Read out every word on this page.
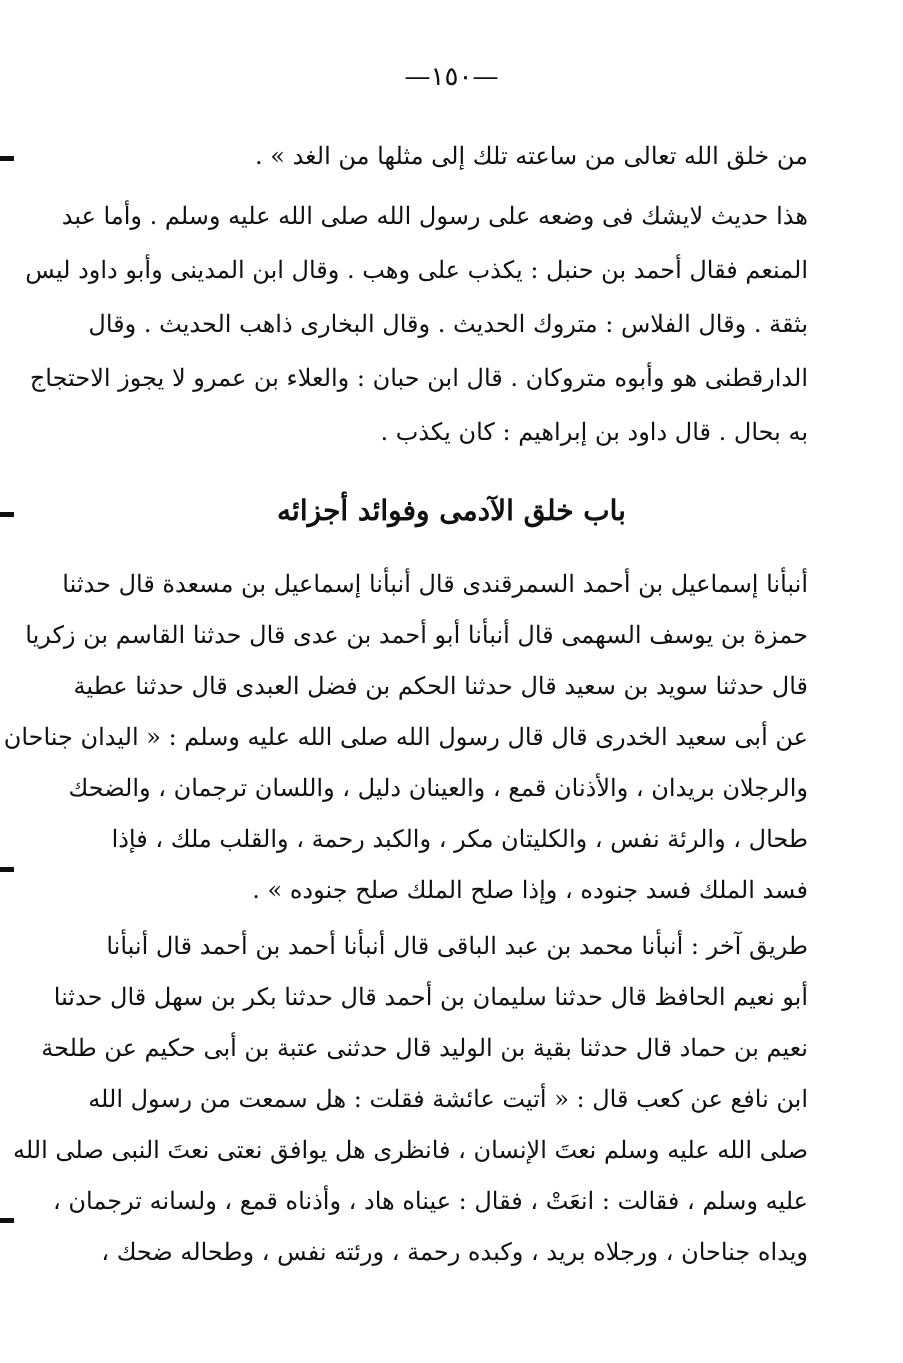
—١٥٠—
من خلق الله تعالى من ساعته تلك إلى مثلها من الغد » .
هذا حديث لايشك فى وضعه على رسول الله صلى الله عليه وسلم . وأما عبد
المنعم فقال أحمد بن حنبل : يكذب على وهب . وقال ابن المدينى وأبو داود ليس
بثقة . وقال الفلاس : متروك الحديث . وقال البخارى ذاهب الحديث . وقال
الدارقطنى هو وأبوه متروكان . قال ابن حبان : والعلاء بن عمرو لا يجوز الاحتجاج
به بحال . قال داود بن إبراهيم : كان يكذب .
باب خلق الآدمى وفوائد أجزائه
أنبأنا إسماعيل بن أحمد السمرقندى قال أنبأنا إسماعيل بن مسعدة قال حدثنا
حمزة بن يوسف السهمى قال أنبأنا أبو أحمد بن عدى قال حدثنا القاسم بن زكريا
قال حدثنا سويد بن سعيد قال حدثنا الحكم بن فضل العبدى قال حدثنا عطية
عن أبى سعيد الخدرى قال قال رسول الله صلى الله عليه وسلم : « اليدان جناحان
والرجلان بريدان ، والأذنان قمع ، والعينان دليل ، واللسان ترجمان ، والضحك
طحال ، والرئة نفس ، والكليتان مكر ، والكبد رحمة ، والقلب ملك ، فإذا
فسد الملك فسد جنوده ، وإذا صلح الملك صلح جنوده » .
طريق آخر : أنبأنا محمد بن عبد الباقى قال أنبأنا أحمد بن أحمد قال أنبأنا
أبو نعيم الحافظ قال حدثنا سليمان بن أحمد قال حدثنا بكر بن سهل قال حدثنا
نعيم بن حماد قال حدثنا بقية بن الوليد قال حدثنى عتبة بن أبى حكيم عن طلحة
ابن نافع عن كعب قال : « أتيت عائشة فقلت : هل سمعت من رسول الله
صلى الله عليه وسلم نعتَ الإنسان ، فانظرى هل يوافق نعتى نعتَ النبى صلى الله
عليه وسلم ، فقالت : انعَتْ ، فقال : عيناه هاد ، وأذناه قمع ، ولسانه ترجمان ،
ويداه جناحان ، ورجلاه بريد ، وكبده رحمة ، ورئته نفس ، وطحاله ضحك ،
